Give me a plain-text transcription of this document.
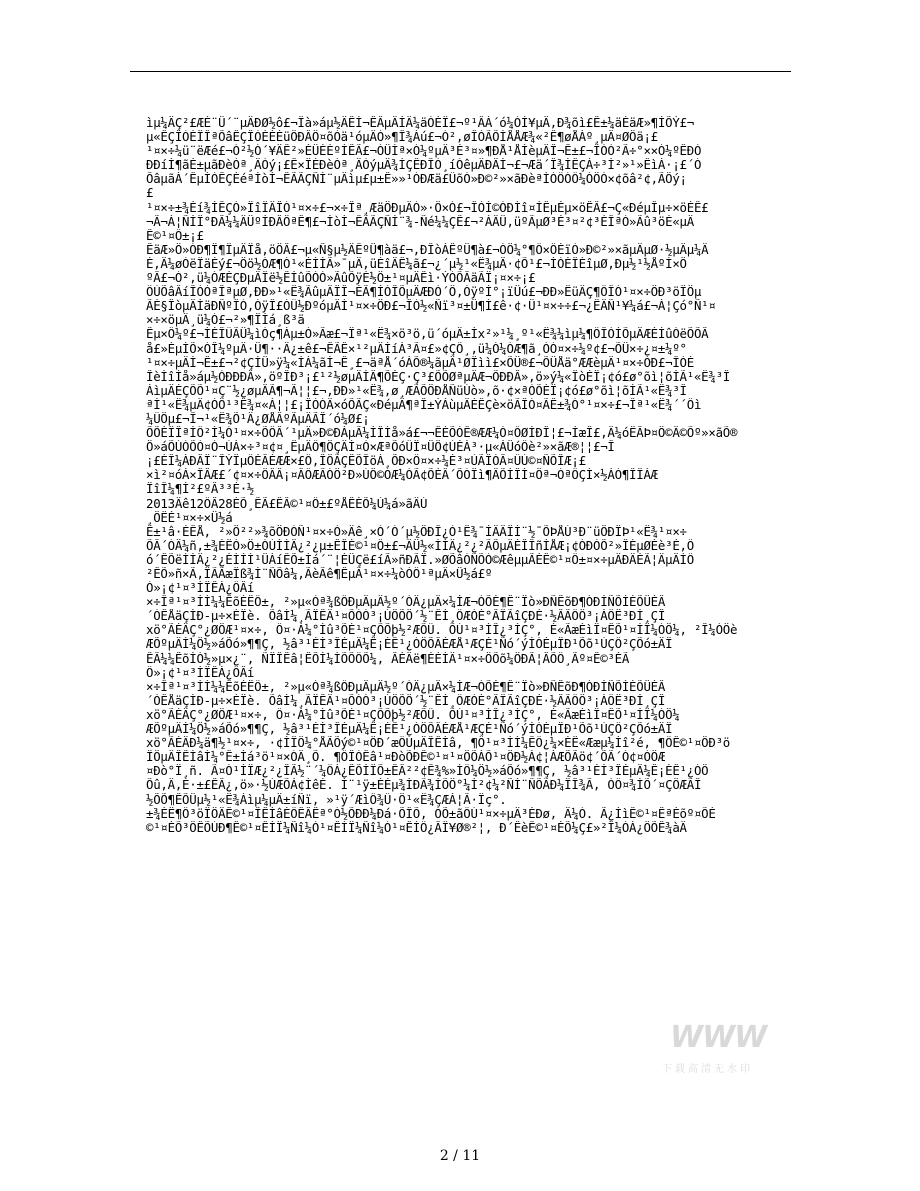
ìµ¼ÄÇ²£ÆÉ¨Ü´¨µÄÐØ½ô£¬Ïà»áµ½ÄÊÍ¬ÊÂµÄÍÄ¼äÒÉÏ£¬º¹ÂÀ´ó¼ÒÍ¥µÄ,Ð¾õì£Ê±¼äÈäÆ»¶ÍÕÝ£¬
µ«ÊÇÎÒÈÏÎªÕâÊÇÎÒÈÈÈüÖÐÂÖ¤õÒä¹óµÄÒ»¶Î¾Àú£¬Ó²,øÎÒÃÕÌÅÅÆ¾«²Ê¶øÅÀº¸µÄ¤ØÖä¡£
¹¤×÷¼ü¨ëÆé£¬Ó²½Ó´¥ÄÊ²»ÈÜÉÈºÍÊÃ£¬ÓÜÌª×Ó¼ºµÄ³É³¤»¶ÐÅ¹ÅÌèµÄÎ¬Ê±£¬ÎÒÒ²Ã÷°××Ó¼ºÊÐÒ
ÐÐíÍ¶ãÈ±µãÐèÒª¸ÄÒý¡£Ê×ÏÈÐèÒª¸ÄÒýµÄ¾ÍÇÊÐÎÒ¸íÒêµÄÐÄÌ¬£¬Æä´Î¾ÍÊÇÁ÷³Ì²»¹»ÊìÁ·¡£´Ó
ÕâµãÀ´ÊµÌÒÊÇÈéªÌòÌ¬ÊÃÃÇÑÍ¨µÄìµ£µ±Ê»»¹ÓÐÆä£ÛõÒ»Ð©²»×ãÐèªÌÒÔÓÔ¼ÓÖÒ×¢õâ²¢,ÃÖý¡
£
¹¤×÷±¾Éí¾ÍÊÇÒ»ÏîÏÄÎÓ¹¤×÷£¬×÷Îª¸ÆäÖÐµÄÒ»·Ö×Ó£¬ÎÒÍ©ÓÐÌî¤ÍÊµÉµ×öÊÂ£¬Ç«ÐéµÎµ÷×öÈÊ£
¬Ã¬Á¦ÑÍÏ°ÐÂ¼¼ÄÜºÍÐÂÖªÊ¶£¬ÌòÌ¬ÊÃÃÇÑÍ¨¾-Ñé¼¼ÇÊ£¬²ÁÄÜ,üºÃµØ³É³¤²¢³ÉÎªÒ»Ãû³öÉ«µÄ
Ê©¹¤Ô±¡£
ÊäÆ»Ö»ÓÐ¶Ï¶ÏµÄÏå,öÖÂ£¬µ«Ñ§µ½ÄÊºÜ¶àä£¬,ÐÎòÁÊºÜ¶à£¬ÓÖ¼°¶Ô×ÔÈïÒ»Ð©²»×ãµÄµØ·½µÄµ¼Ä
È,Ä¼øÒëÏäÉý£¬Öö½ÓÆ¶Ó¹«ÉÍÌÃ»¯µÄ,üÈîÄÊ¼ã£¬¿´µ½¹«Ë¾µÄ·¢Õ¹£¬ÌÒÈÏÈîµØ,Ðµ½¹½ÅºÍ×Ö
ºÂ£¬Ó²,ü¼ÓÆÈÇÐµÄÏë½ÊÍûÕÓÒ»ÃûÕÿÈ½Ö±¹¤µÄÊì·ÝÓÕÂäÃÏ¡¤×÷¡£
ÔÚÕâÂíÎÒÒªÎªµØ,ÐÐ»¹«Ë¾ÃûµÄÏÎ¬ÈÃ¶ÍÓÎÕµÄÆÐÒ´Ö,ÓÿºÍ°¡ïÜú£¬ÐÐ»ËüÄÇ¶ÔÎÒ¹¤×÷ÖÐ³öÏÖµ
ÃÈ§ÎòµÄÌäÐÑºÎÒ,ÓÿÎ£ÓÛ½ÐºóµÄÌ¹¤×÷ÖÐ£¬ÎÒ½«Ñï³¤±Ü¶Ì£ê·¢·Ü¹¤×÷÷£¬¿ËÄÑ¹¥¼á£¬Á¦Çó°Ñ¹¤
×÷×öµÄ¸ü¼Ó£¬²»¶ÏÌá¸ß³ä
Êµ×Ô¼º£¬ÌÉÎÛÃÜ¼ìÓç¶Àµ±Ò»Ãæ£¬Ïª¹«Ë¾×ö³ö,ü´óµÄ±Ìx²»¹¼¸º¹«Ë¾¼ìµ¼¶ÔÎÒÍÕµÄÆÈÍûÓëÕÕÂ
å£»ÈµÌÕ×ÓÎ¼ºµÄ·Ü¶··Ä¿±ê£¬ÊÃÊ×¹²µÄÍíÀ³Ã¤£»¢ÇÔ¸,ü¼Ó¼ÓÆ¶ã¸ÓÓ¤×÷¼º¢£¬ÕÜ×÷¿¤±¼º°
¹¤×÷µÄÌ¬Ê±£¬²¢ÇÌÜ»ÿ¼«ÍÁ¼ãÌ¬Ê¸£¬äªÅ´óÁÕ®¼ãµÄ¹ØÏìì£×ÕÜ®£¬ÕÜÅä°ÆÆèµÄ¹¤×÷ÒÐ£¬ÎÒÈ
ÎèÌîÌå»áµ½ÓÐÐÐÂ»,öºÎÐ³¡£¹²½øµÄÌÄ¶ÕÉÇ·Ç³£ÕÕØªµÄÆ¬ÕÐÐÂ»,ö»ý¼«ÏòÉÏ¡¢ó£ø°õì¦õÌÃ¹«Ë¾³Î
ÁìµÄÈÇÕÕ¹¤Ç¨½¿øµÄÃ¶¬Ã¦¦£¬,ÐÐ»¹«Ë¾,ø¸ÆÃÕÖÐÅÑüÚò»,õ·¢×ªÒÕÈÏ¡¢ó£ø°õì¦õÌÃ¹«Ë¾³Î
ªÌ¹«Ë¾µÄ¢ÒÖ¹³Ê¾¤«Á¦¦£¡ÎÒÓÄ×óÕÃÇ«ÐéµÄ¶ªÎ±ÝÁùµÄÈÊÇè×öÃÎÓ¤ÃÊ±¾Ó°¹¤×÷£¬Îª¹«Ë¾´´Ôì
¼ÛÖµ£¬Î¬¹«Ë¾Õ¹Ä¿ØÅÂºÃµÄÃÎ´ó¼Ø£¡
ÕÕÈÏÎªÌÔ²Ì¼Ó¹¤×÷ÕÔÂ´¹µÄ»Ð©ÐÁµÃ¼ÍÎÌå»á£¬¬ÊÈÕÓÊ®ÆÆ¼Ó¤ÔØÌÐÎ¦£¬ÍæÎ£,Ä¼óËÂÞ¤Ö©Ä©Õº»×ãÕ®
Ö»áÕÚÓÕÒ¤Ó¬ÚÀ×÷³¤¢¤¸ËµÄÔ¶ÖÇÄÌ¤Ò×ÆªÕóÛÏ¤ÜÖ¢ÙÉÀ³·µ«ÁÜóÔè²»×ãÆ®¦¦£¬Î
¡£ÈÎ¼ÀÐÂÏ¨ÎÝÏµÔÉÂÉÆÆ×£Ô,ÎÖÃÇÊÕÎöÀ¸ÕÐ×Ô¤×÷¼È³¤ÙÃÎÓÂ¤ÛÙ©¤ÑÕÎÆ¡£
×ì²¤óÁ×ÎÂÆ£´¢¤×÷ÖÂÂ¡¤ÂÔÆÃÓÖ²Ð»ÚÖ©ÒÆ¼ÓÃ¢ÕÈÂ´ÕÓÏì¶ÄÕÌÎÌ¤Öª¬ÒªÔÇÌ×½ÁÓ¶ÎÏÀÆ
ÏîÎ¼¶Ì²£ºÂ³³É·½
2013Äê12ÔÂ28ÈÕ¸ÊÃ£ÊÂ©¹¤Ô±£ºÅÊÈÕ¼Ù¼á»ãÄÚ
¸ÖËÉ¹¤×÷×Ü½á
Ê±¹â·ÉÊÅ, ²»Ö²²»¾õÖÐÒÑ¹¤×÷Ò»Äê¸×Ó´Ó´µ½ÖÐÎ¿Ò¹Ë¾¯ÍÄÄÏÍ¨½¯ÕÞÅÚ³Ð¨üÖÐÏÞ¹«Ë¾¹¤×÷
ÕÂ´ÓÄ¼ñ,±¾ÈËÒ»Ö±ÓÚÌÌÄ¿²¿µ±ÊÎÈ©¹¤Ô±£¬ÄÜ½«ÌÌÄ¿²¿²ÃÕµÄÈÎÎñÍÅÆ¡¢ÓÐÒÕ²»ÎÈµØÈè³É,Ô
ó´ÊÕëÌÌÄ¿²¿ÈÍÍÌ¹ÜÀíÊÕ±Ìá´¨¦ÈÜÇë£íÃ»ñÐÃÏ.»ØÕâÒÑÕÒ©ÆêµµÃÈÊ©¹¤Ô±¤×÷µÄÐÄÈÃ¦ÄµÄÍÔ
²ÊÕ»ñ×Ã,ÏÃÃæÏß¾Í¨ÑÕâ¼,ÃèÃê¶ÊµÃ¹¤×÷¼òÒÔ¹ªµÄ×Ü½á£º
Ò»¡¢¹¤³ÌÏÊÁ¿ÔÂí
×÷Îª¹¤³ÌÌ¼¼ÊõÈËÔ±, ²»µ«Òª¾ßÔÐµÄµÄ½º´ÓÄ¿µÄ×¼ÌÆ¬ÓÕÈ¶Ê¨Ïò»ÐÑÊõÐ¶ÓÐÍÑÕÌÈÕÜÉÂ
´ÒÊÅäÇÌÐ-µ÷×ÈÏè. ÕâÌ¼¸ÃÏÊÄ¹¤ÕÓÓ³¡ÚÖÕÖ´½¨ÊÍ¸ÔÆÒÈ°ÂÏÃîÇÐÉ·½ÂÃÔÖ³¡ÀÔË³ÐÍ¸ÇÎ
xö°ÃÈÄÇ°¿ØÖÆ¹¤×÷, Ô¤·À¼°Ìû³ÕÈ¹¤ÇÕÕþ½²ÆÕÛ. ÕÚ¹¤³ÌÎ¿³ÍÇ°, È«ÃæÈìÏ¤ÊÕ¹¤ÍÏ¼ÓÖ¼, ²Î¼ÓÖè
ÆÕºµÄÌ¼Ö½»áÕó»¶¶Ç, ½â³¹ÉÌ³ÎÉµÄ¼Ê¡ÈÊ¹¿ÓÖÕÂÉÆÅ¹ÆÇÈ¹Ñó´ýÍÓÉµÏÐ¹Õõ¹ÙÇÔ²ÇÕó±ÄÏ
ÊÂ¼¼ÊõÌÓ½»µ×¿¨, ÑÏÎÊâ¦ÊÕÍ¼ÌÕÕÔÕ¼, ÂÉÄë¶ÈÉÌÄ¹¤×÷ÖÕõ¼ÖÐÃ¦ÂÕÔ¸Ãº¤Ê©³ÈÃ
Ô»¡¢¹¤³ÌÏÊÁ¿ÔÂí
×÷Îª¹¤³ÌÌ¼¼ÊõÈËÔ±, ²»µ«Òª¾ßÔÐµÄµÄ½º´ÓÄ¿µÄ×¼ÌÆ¬ÓÕÈ¶Ê¨Ïò»ÐÑÊõÐ¶ÓÐÍÑÕÌÈÕÜÉÂ
´ÒÊÅäÇÌÐ-µ÷×ÈÏè. ÕâÌ¼¸ÃÏÊÄ¹¤ÕÓÓ³¡ÚÖÕÖ´½¨ÊÍ¸ÔÆÒÈ°ÂÏÃîÇÐÉ·½ÂÃÔÖ³¡ÀÔË³ÐÍ¸ÇÎ
xö°ÃÈÄÇ°¿ØÖÆ¹¤×÷, Ô¤·À¼°Ìû³ÕÈ¹¤ÇÕÕþ½²ÆÕÛ. ÕÚ¹¤³ÌÎ¿³ÍÇ°, È«ÃæÈìÏ¤ÊÕ¹¤ÍÏ¼ÓÖ¼
ÆÕºµÄÌ¼Ö½»áÕó»¶¶Ç, ½â³¹ÉÌ³ÎÉµÄ¼Ê¡ÈÊ¹¿ÓÖÕÂÉÆÅ¹ÆÇÈ¹Ñó´ýÍÓÉµÏÐ¹Õõ¹ÙÇÔ²ÇÕó±ÄÏ
xö°ÃÈÄÐ¼ä¶½¹¤×÷, ·¢ÌÏÖ¼°ÅÃÕý©¹¤ÖÐ´æÔÚµÄÎÊÌâ, ¶Ô¹¤³ÌÌ¼ÊÔ¿¼×ÈË«Ææµ¼Ìî²é, ¶ÔÊ©¹¤ÖÐ³ö
ÏÖµÄÎÊÌâÌ¼°Ê±Ìá³ö¹¤×ÓÄ¸Õ. ¶ÔÎÒÊâ¹¤ÐòÕÐÊ©¹¤¹¤ÖÕÀÕ¹¤ÖÐ½Á¢¦ÀÆÕÃö¢´ÕÃ´Ó¢¤ÒÖÆ
¤Ðò°Ï¸ñ. Ã¤Ó¹ÌÏÆ¿²¿ÎÃ½¨´¼ÔÁ¿ÊÕÍÏÕ±ÊÂ²²¢Ê¾%»ÌÔ¼Ö½»áÕó»¶¶Ç, ½â³¹ÉÌ³ÎÉµÄ¼Ê¡ÈÊ¹¿ÓÖ
Õû,Ä,È·±£ÊÂ¿,ö»·½ÚÆÕÁ¢ÌêÉ. Ì¨¹ÿ±ÈÉµ¾ÌÐÃ¾ÌÕÖ°¼Ì²¢¼²ÑÍ¨ÑÕÃÐ¼ÏÎ¾Ã, ÒÔ¤¾ÌÕ´¤ÇÖÆÃÎ
½ÕÕ¶ÊÕÜµ½¹«Ë¾Áìµ¼µÄ±íÑï, »¹ÿ´ÆìÔ¾Û·Ö¹«Ë¾ÇÆÁ¦Ã·Ïç°.
±¾ÈË¶Ô³öÏÖÄÊ©¹¤ÎÊÌâÈÔÊÂÊª°Ó½ÕÐÐ¼Ðá·ÕÎÕ, ÓÕ±ãÔÚ¹¤×÷µÄ³ÈÐø, Ä¼Ó. Ã¿ÌìÊ©¹¤ÊªÈõº¤ÕÉ
©¹¤ÈÕ³ÖÊÕÚÐ¶Ê©¹¤ÊÍÏ¼Ñî¼Ò¹¤ÊÍÏ¼Ñî¼Ò¹¤ÊÍÔ¿ÂÏ¥Ø®²¦, Ð´ÊèÊ©¹¤ÈÕ¼Ç£»²Î¼ÓÁ¿ÖÕÊ¾àÄ
WWW
下载高清无水印
2 / 11
